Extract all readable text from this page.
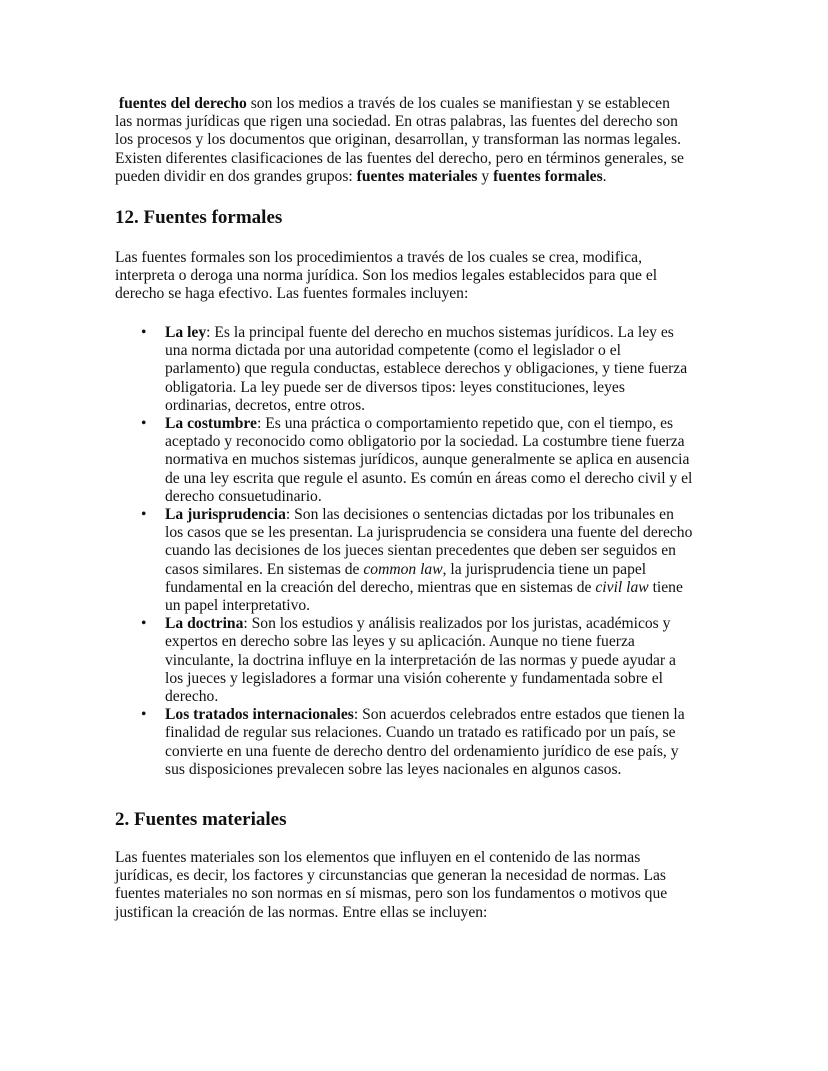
fuentes del derecho son los medios a través de los cuales se manifiestan y se establecen
las normas jurídicas que rigen una sociedad. En otras palabras, las fuentes del derecho son
los procesos y los documentos que originan, desarrollan, y transforman las normas legales.
Existen diferentes clasificaciones de las fuentes del derecho, pero en términos generales, se
pueden dividir en dos grandes grupos: fuentes materiales y fuentes formales.
12. Fuentes formales
Las fuentes formales son los procedimientos a través de los cuales se crea, modifica,
interpreta o deroga una norma jurídica. Son los medios legales establecidos para que el
derecho se haga efectivo. Las fuentes formales incluyen:
• La ley: Es la principal fuente del derecho en muchos sistemas jurídicos. La ley es
una norma dictada por una autoridad competente (como el legislador o el
parlamento) que regula conductas, establece derechos y obligaciones, y tiene fuerza
obligatoria. La ley puede ser de diversos tipos: leyes constituciones, leyes
ordinarias, decretos, entre otros.
• La costumbre: Es una práctica o comportamiento repetido que, con el tiempo, es
aceptado y reconocido como obligatorio por la sociedad. La costumbre tiene fuerza
normativa en muchos sistemas jurídicos, aunque generalmente se aplica en ausencia
de una ley escrita que regule el asunto. Es común en áreas como el derecho civil y el
derecho consuetudinario.
• La jurisprudencia: Son las decisiones o sentencias dictadas por los tribunales en
los casos que se les presentan. La jurisprudencia se considera una fuente del derecho
cuando las decisiones de los jueces sientan precedentes que deben ser seguidos en
casos similares. En sistemas de common law, la jurisprudencia tiene un papel
fundamental en la creación del derecho, mientras que en sistemas de civil law tiene
un papel interpretativo.
• La doctrina: Son los estudios y análisis realizados por los juristas, académicos y
expertos en derecho sobre las leyes y su aplicación. Aunque no tiene fuerza
vinculante, la doctrina influye en la interpretación de las normas y puede ayudar a
los jueces y legisladores a formar una visión coherente y fundamentada sobre el
derecho.
• Los tratados internacionales: Son acuerdos celebrados entre estados que tienen la
finalidad de regular sus relaciones. Cuando un tratado es ratificado por un país, se
convierte en una fuente de derecho dentro del ordenamiento jurídico de ese país, y
sus disposiciones prevalecen sobre las leyes nacionales en algunos casos.
2. Fuentes materiales
Las fuentes materiales son los elementos que influyen en el contenido de las normas
jurídicas, es decir, los factores y circunstancias que generan la necesidad de normas. Las
fuentes materiales no son normas en sí mismas, pero son los fundamentos o motivos que
justifican la creación de las normas. Entre ellas se incluyen:
